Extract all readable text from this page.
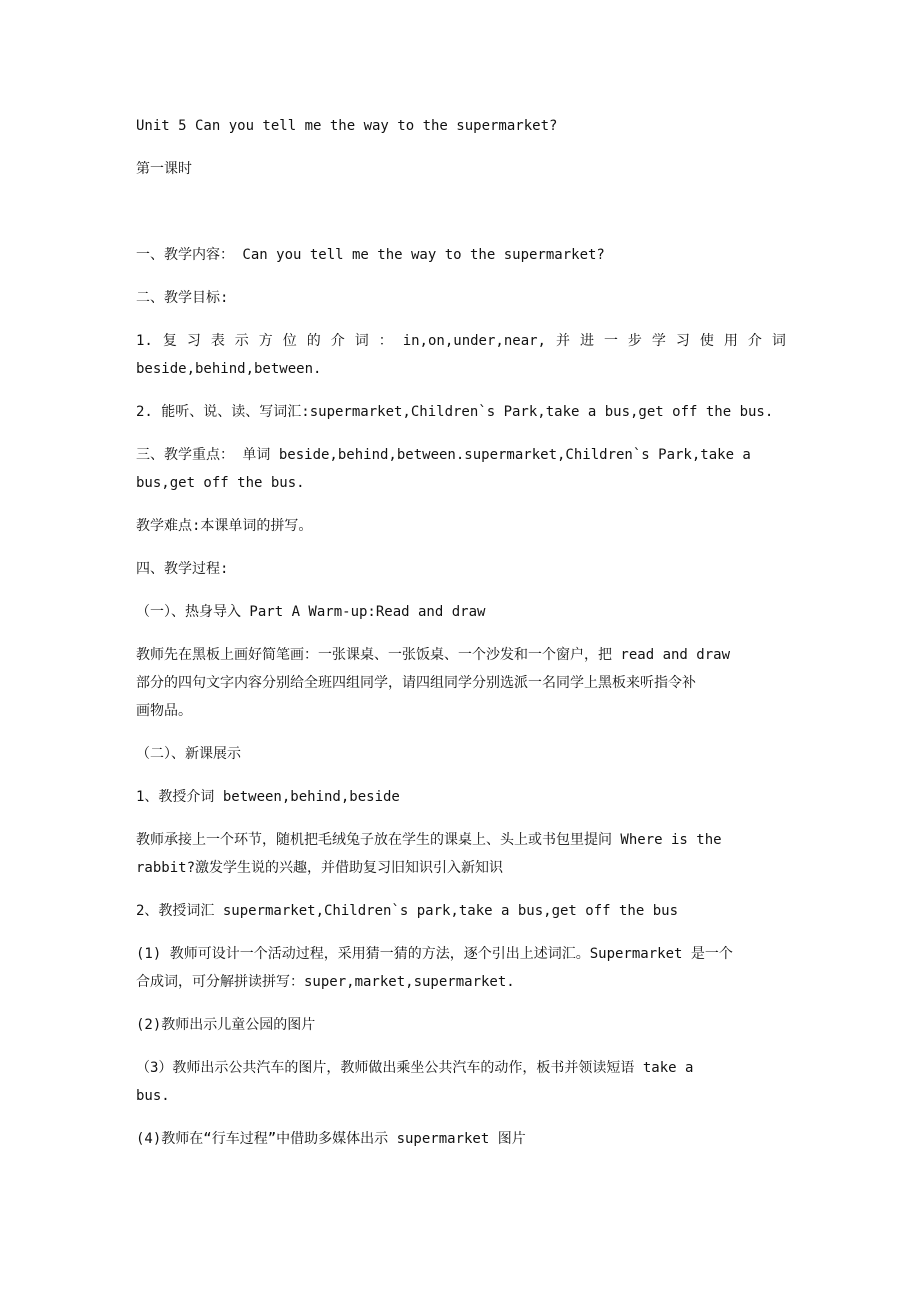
Unit 5 Can you tell me the way to the supermarket?
第一课时
一、教学内容： Can you tell me the way to the supermarket?
二、教学目标:
1. 复 习 表 示 方 位 的 介 词 ： in,on,under,near, 并 进 一 步 学 习 使 用 介 词
beside,behind,between.
2. 能听、说、读、写词汇:supermarket,Children`s Park,take a bus,get off the bus.
三、教学重点： 单词 beside,behind,between.supermarket,Children`s Park,take a
bus,get off the bus.
教学难点:本课单词的拼写。
四、教学过程:
（一）、热身导入 Part A Warm-up:Read and draw
教师先在黑板上画好简笔画：一张课桌、一张饭桌、一个沙发和一个窗户，把 read and draw
部分的四句文字内容分别给全班四组同学，请四组同学分别选派一名同学上黑板来听指令补
画物品。
（二）、新课展示
1、教授介词 between,behind,beside
教师承接上一个环节，随机把毛绒兔子放在学生的课桌上、头上或书包里提问 Where is the
rabbit?激发学生说的兴趣，并借助复习旧知识引入新知识
2、教授词汇 supermarket,Children`s park,take a bus,get off the bus
(1) 教师可设计一个活动过程，采用猜一猜的方法，逐个引出上述词汇。Supermarket 是一个
合成词，可分解拼读拼写：super,market,supermarket.
(2)教师出示儿童公园的图片
（3）教师出示公共汽车的图片，教师做出乘坐公共汽车的动作，板书并领读短语 take a
bus.
(4)教师在“行车过程”中借助多媒体出示 supermarket 图片
